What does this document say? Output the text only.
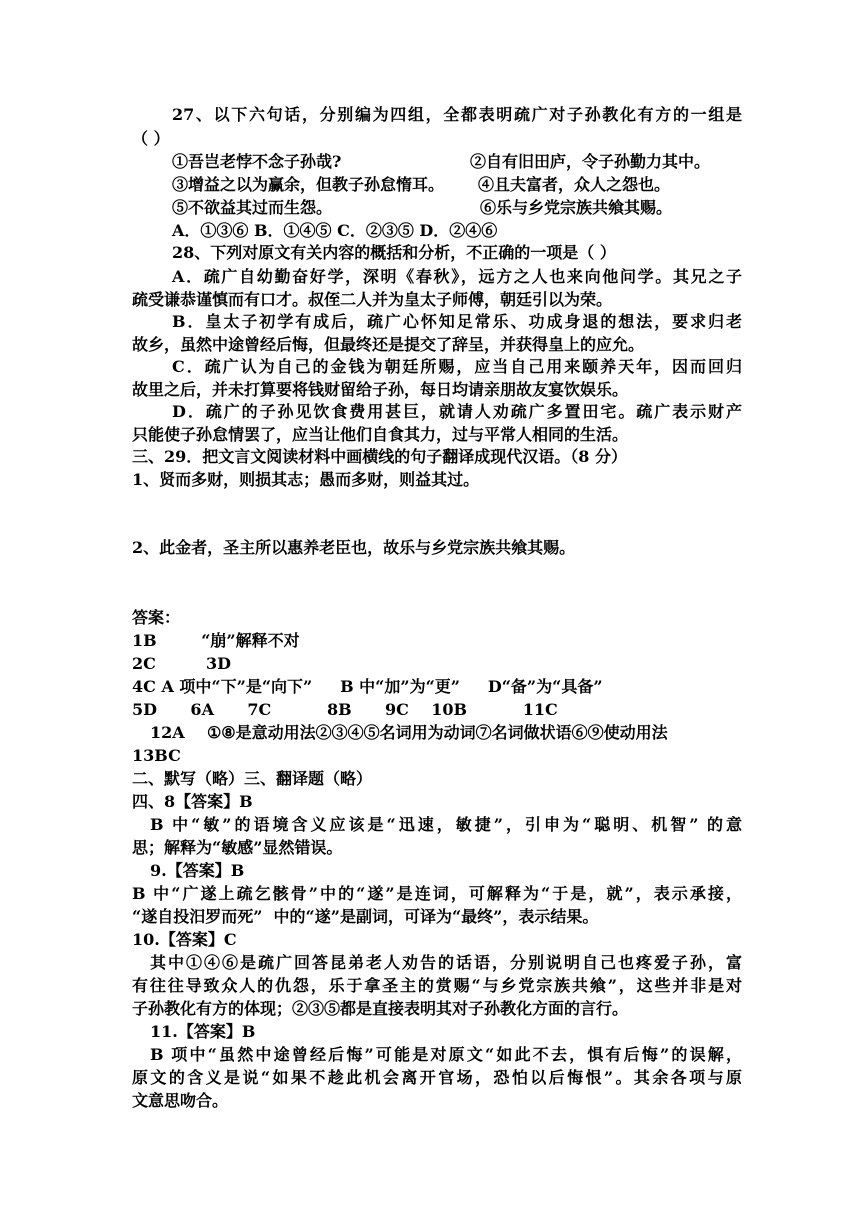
27、以下六句话，分别编为四组，全都表明疏广对子孙教化有方的一组是
（ ）
①吾岂老悖不念子孙哉?	②自有旧田庐，令子孙勤力其中。
③增益之以为赢余，但教子孙怠惰耳。 ④且夫富者，众人之怨也。
⑤不欲益其过而生怨。	⑥乐与乡党宗族共飨其赐。
A．①③⑥ B．①④⑤ C．②③⑤ D．②④⑥
28、下列对原文有关内容的概括和分析，不正确的一项是（ ）
A．疏广自幼勤奋好学，深明《春秋》，远方之人也来向他问学。其兄之子
疏受谦恭谨慎而有口才。叔侄二人并为皇太子师傅，朝廷引以为荣。
B．皇太子初学有成后，疏广心怀知足常乐、功成身退的想法，要求归老
故乡，虽然中途曾经后悔，但最终还是提交了辞呈，并获得皇上的应允。
C．疏广认为自己的金钱为朝廷所赐，应当自己用来颐养天年，因而回归
故里之后，并未打算要将钱财留给子孙，每日均请亲朋故友宴饮娱乐。
D．疏广的子孙见饮食费用甚巨，就请人劝疏广多置田宅。疏广表示财产
只能使子孙怠情罢了，应当让他们自食其力，过与平常人相同的生活。
三、29．把文言文阅读材料中画横线的句子翻译成现代汉语。（8 分）
1、贤而多财，则损其志；愚而多财，则益其过。
2、此金者，圣主所以惠养老臣也，故乐与乡党宗族共飨其赐。
答案：
1B        “崩”解释不对
2C         3D
4C A 项中“下”是“向下”     B 中“加”为“更”     D“备”为“具备”
5D      6A      7C          8B      9C    10B          11C
12A    ①⑧是意动用法②③④⑤名词用为动词⑦名词做状语⑥⑨使动用法
13BC
二、默写（略）三、翻译题（略）
四、8【答案】B
B 中“敏”的语境含义应该是“迅速，敏捷”，引申为“聪明、机智” 的意
思；解释为“敏感”显然错误。
9.【答案】B
B 中“广遂上疏乞骸骨”中的“遂”是连词，可解释为“于是，就”，表示承接，
“遂自投汨罗而死”  中的“遂”是副词，可译为“最终”，表示结果。
10.【答案】C
其中①④⑥是疏广回答昆弟老人劝告的话语，分别说明自己也疼爱子孙，富
有往往导致众人的仇怨，乐于拿圣主的赏赐“与乡党宗族共飨”，这些并非是对
子孙教化有方的体现；②③⑤都是直接表明其对子孙教化方面的言行。
11.【答案】B
B 项中“虽然中途曾经后悔”可能是对原文“如此不去，惧有后悔”的误解，
原文的含义是说“如果不趁此机会离开官场，恐怕以后悔恨”。其余各项与原
文意思吻合。
